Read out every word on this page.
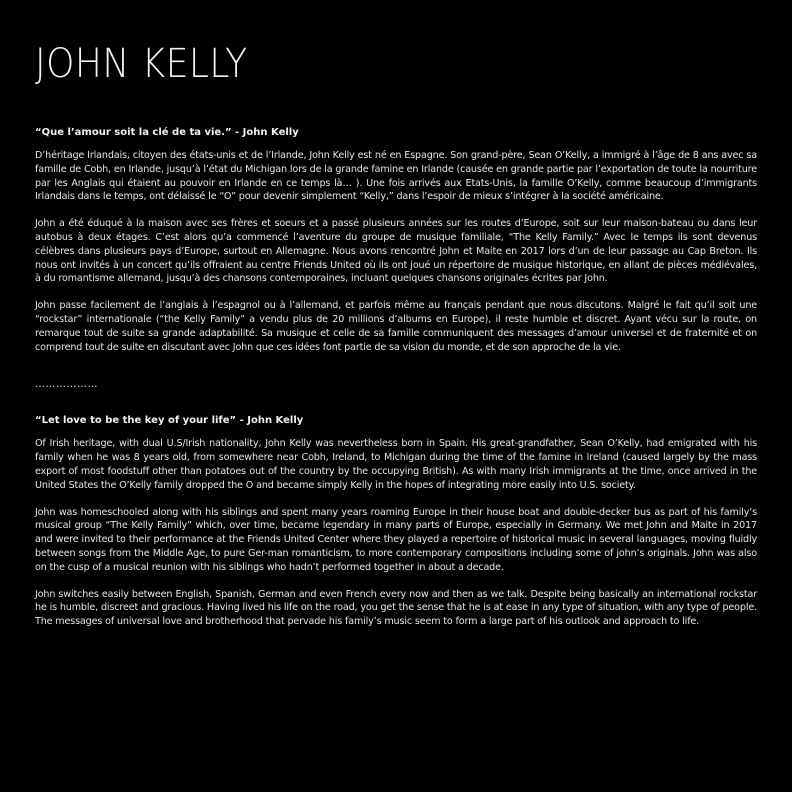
JOHN KELLY
“Que l’amour soit la clé de ta vie.” - John Kelly

D’héritage Irlandais, citoyen des états-unis et de l’Irlande, John Kelly est né en Espagne. Son grand-père, Sean O’Kelly, a immigré à l’âge de 8 ans avec sa famille de Cobh, en Irlande, jusqu’à l’état du Michigan lors de la grande famine en Irlande (causée en grande partie par l’exportation de toute la nourriture par les Anglais qui étaient au pouvoir en Irlande en ce temps là… ). Une fois arrivés aux Etats-Unis, la famille O’Kelly, comme beaucoup d’immigrants Irlandais dans le temps, ont délaissé le “O” pour devenir simplement “Kelly,” dans l’espoir de mieux s’intégrer à la société américaine.

John a été éduqué à la maison avec ses frères et soeurs et a passé plusieurs années sur les routes d’Europe, soit sur leur maison-bateau ou dans leur autobus à deux étages. C’est alors qu’a commencé l’aventure du groupe de musique familiale, “The Kelly Family.” Avec le temps ils sont devenus célèbres dans plusieurs pays d’Europe, surtout en Allemagne. Nous avons rencontré John et Maite en 2017 lors d’un de leur passage au Cap Breton. Ils nous ont invités à un concert qu’ils offraient au centre Friends United où ils ont joué un répertoire de musique historique, en allant de pièces médiévales, à du romantisme allemand, jusqu’à des chansons contemporaines, incluant quelques chansons originales écrites par John.

John passe facilement de l’anglais à l’espagnol ou à l’allemand, et parfois même au français pendant que nous discutons. Malgré le fait qu’il soit une “rockstar” internationale (“the Kelly Family” a vendu plus de 20 millions d’albums en Europe), il reste humble et discret. Ayant vécu sur la route, on remarque tout de suite sa grande adaptabilité. Sa musique et celle de sa famille communiquent des messages d’amour universel et de fraternité et on comprend tout de suite en discutant avec John que ces idées font partie de sa vision du monde, et de son approche de la vie.

………………
“Let love to be the key of your life” - John Kelly

Of Irish heritage, with dual U.S/Irish nationality, John Kelly was nevertheless born in Spain. His great-grandfather, Sean O’Kelly, had emigrated with his family when he was 8 years old, from somewhere near Cobh, Ireland, to Michigan during the time of the famine in Ireland (caused largely by the mass export of most foodstuff other than potatoes out of the country by the occupying British). As with many Irish immigrants at the time, once arrived in the United States the O’Kelly family dropped the O and became simply Kelly in the hopes of integrating more easily into U.S. society.

John was homeschooled along with his siblings and spent many years roaming Europe in their house boat and double-decker bus as part of his family’s musical group “The Kelly Family” which, over time, became legendary in many parts of Europe, especially in Germany. We met John and Maite in 2017 and were invited to their performance at the Friends United Center where they played a repertoire of historical music in several languages, moving fluidly between songs from the Middle Age, to pure Ger-man romanticism, to more contemporary compositions including some of john’s originals. John was also on the cusp of a musical reunion with his siblings who hadn’t performed together in about a decade.

John switches easily between English, Spanish, German and even French every now and then as we talk. Despite being basically an international rockstar he is humble, discreet and gracious. Having lived his life on the road, you get the sense that he is at ease in any type of situation, with any type of people. The messages of universal love and brotherhood that pervade his family’s music seem to form a large part of his outlook and approach to life.
